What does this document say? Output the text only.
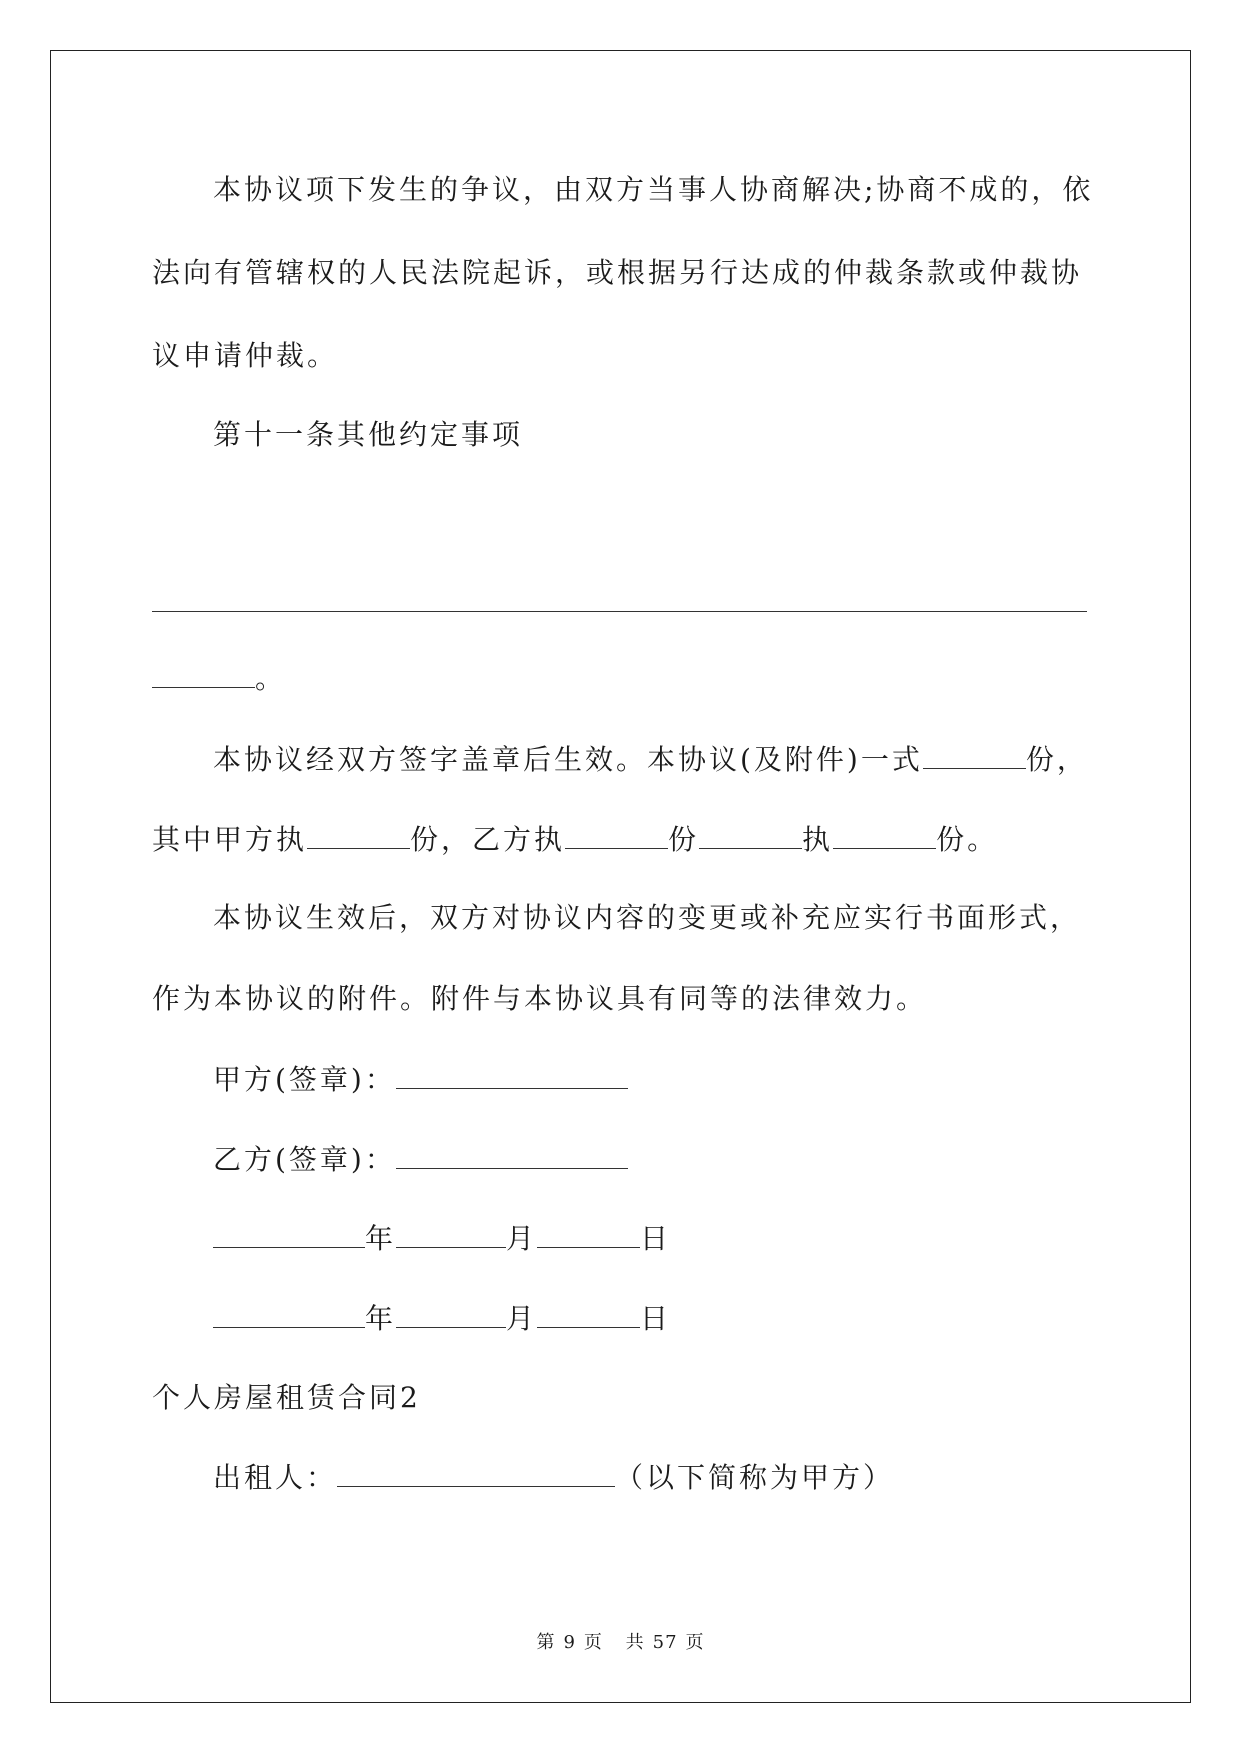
本协议项下发生的争议，由双方当事人协商解决;协商不成的，依
法向有管辖权的人民法院起诉，或根据另行达成的仲裁条款或仲裁协
议申请仲裁。
第十一条其他约定事项
。
本协议经双方签字盖章后生效。本协议(及附件)一式	份，
其中甲方执	份，乙方执	份	执	份。
本协议生效后，双方对协议内容的变更或补充应实行书面形式，
作为本协议的附件。附件与本协议具有同等的法律效力。
甲方(签章)：
乙方(签章)：
年	月	日
年	月	日
个人房屋租赁合同2
出租人：	（以下简称为甲方）
第 9 页 共 57 页
